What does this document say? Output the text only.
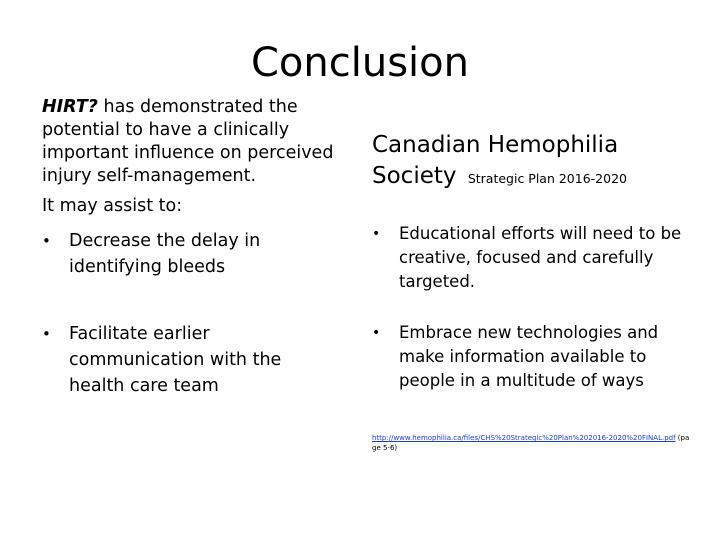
Conclusion

HIRT? has demonstrated the potential to have a clinically important influence on perceived injury self-management.

It may assist to:

• Decrease the delay in identifying bleeds
• Facilitate earlier communication with the health care team

Canadian Hemophilia
Society Strategic Plan 2016-2020

• Educational efforts will need to be creative, focused and carefully targeted.
• Embrace new technologies and make information available to people in a multitude of ways
http://www.hemophilia.ca/files/CHS%20Strategic%20Plan%202016-2020%20FINAL.pdf (page 5-6)
